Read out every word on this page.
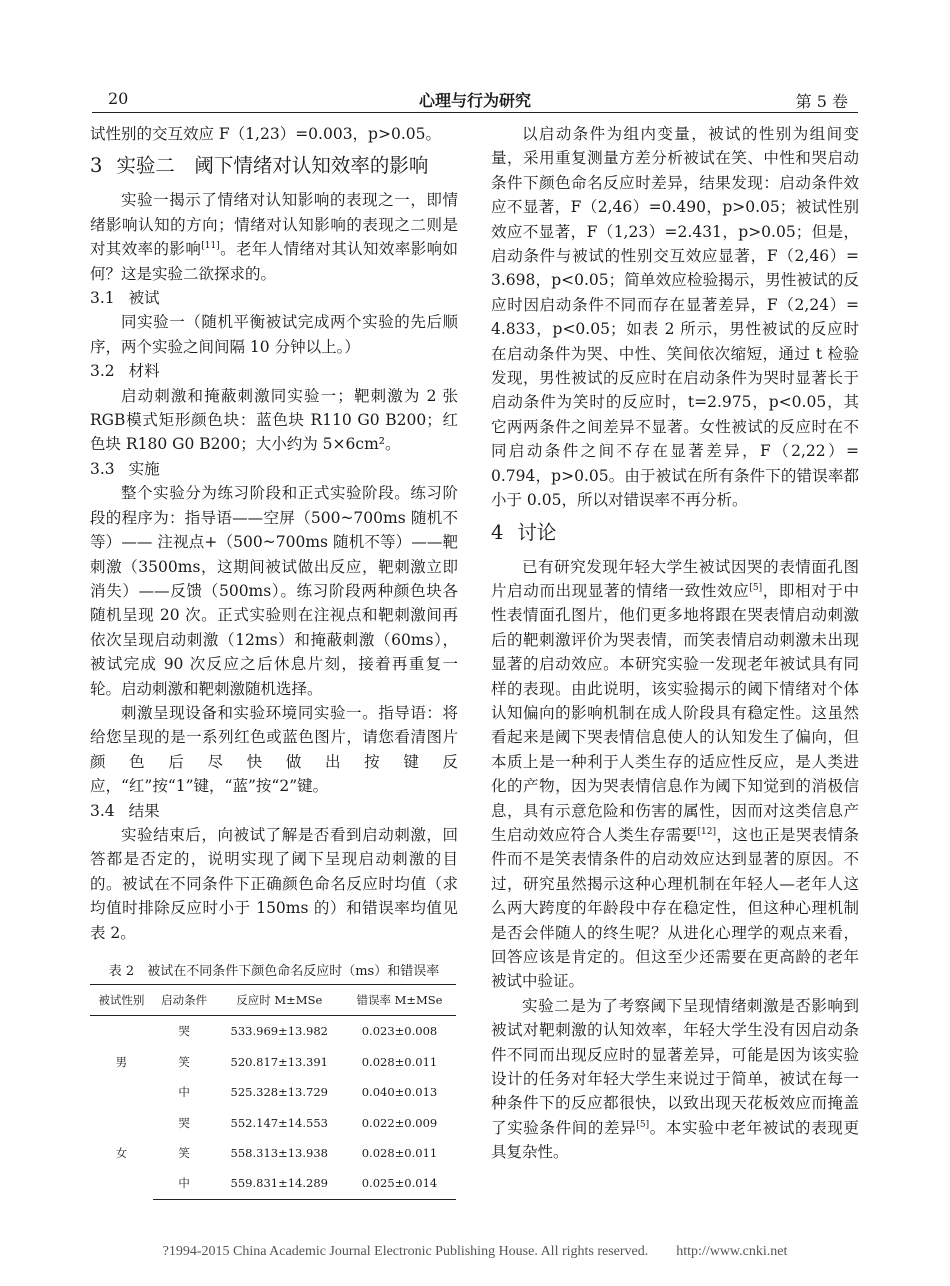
20	心理与行为研究	第 5 卷

试性别的交互效应 F（1,23）=0.003，p>0.05。

3 实验二　阈下情绪对认知效率的影响

实验一揭示了情绪对认知影响的表现之一，即情绪影响认知的方向；情绪对认知影响的表现之二则是对其效率的影响[11]。老年人情绪对其认知效率影响如何？这是实验二欲探求的。

3.1 被试

同实验一（随机平衡被试完成两个实验的先后顺序，两个实验之间间隔 10 分钟以上。）

3.2 材料

启动刺激和掩蔽刺激同实验一；靶刺激为 2 张 RGB模式矩形颜色块：蓝色块 R110 G0 B200；红色块 R180 G0 B200；大小约为 5×6cm²。

3.3 实施

整个实验分为练习阶段和正式实验阶段。练习阶段的程序为：指导语——空屏（500~700ms 随机不等）—— 注视点+（500~700ms 随机不等）——靶刺激（3500ms，这期间被试做出反应，靶刺激立即消失）——反馈（500ms）。练习阶段两种颜色块各随机呈现 20 次。正式实验则在注视点和靶刺激间再依次呈现启动刺激（12ms）和掩蔽刺激（60ms），被试完成 90 次反应之后休息片刻，接着再重复一轮。启动刺激和靶刺激随机选择。

刺激呈现设备和实验环境同实验一。指导语：将给您呈现的是一系列红色或蓝色图片，请您看清图片颜色后尽快做出按键反应，“红”按“1”键，“蓝”按“2”键。

3.4 结果

实验结束后，向被试了解是否看到启动刺激，回答都是否定的，说明实现了阈下呈现启动刺激的目的。被试在不同条件下正确颜色命名反应时均值（求均值时排除反应时小于 150ms 的）和错误率均值见表 2。

表 2　被试在不同条件下颜色命名反应时（ms）和错误率
被试性别	启动条件	反应时 M±MSe	错误率 M±MSe
男	哭	533.969±13.982	0.023±0.008
	笑	520.817±13.391	0.028±0.011
	中	525.328±13.729	0.040±0.013
女	哭	552.147±14.553	0.022±0.009
	笑	558.313±13.938	0.028±0.011
	中	559.831±14.289	0.025±0.014

以启动条件为组内变量，被试的性别为组间变量，采用重复测量方差分析被试在笑、中性和哭启动条件下颜色命名反应时差异，结果发现：启动条件效应不显著，F（2,46）=0.490，p>0.05；被试性别效应不显著，F（1,23）=2.431，p>0.05；但是，启动条件与被试的性别交互效应显著，F（2,46）= 3.698，p<0.05；简单效应检验揭示，男性被试的反应时因启动条件不同而存在显著差异，F（2,24）= 4.833，p<0.05；如表 2 所示，男性被试的反应时在启动条件为哭、中性、笑间依次缩短，通过 t 检验发现，男性被试的反应时在启动条件为哭时显著长于启动条件为笑时的反应时，t=2.975，p<0.05，其它两两条件之间差异不显著。女性被试的反应时在不同启动条件之间不存在显著差异，F（2,22）= 0.794，p>0.05。由于被试在所有条件下的错误率都小于 0.05，所以对错误率不再分析。

4 讨论

已有研究发现年轻大学生被试因哭的表情面孔图片启动而出现显著的情绪一致性效应[5]，即相对于中性表情面孔图片，他们更多地将跟在哭表情启动刺激后的靶刺激评价为哭表情，而笑表情启动刺激未出现显著的启动效应。本研究实验一发现老年被试具有同样的表现。由此说明，该实验揭示的阈下情绪对个体认知偏向的影响机制在成人阶段具有稳定性。这虽然看起来是阈下哭表情信息使人的认知发生了偏向，但本质上是一种利于人类生存的适应性反应，是人类进化的产物，因为哭表情信息作为阈下知觉到的消极信息，具有示意危险和伤害的属性，因而对这类信息产生启动效应符合人类生存需要[12]，这也正是哭表情条件而不是笑表情条件的启动效应达到显著的原因。不过，研究虽然揭示这种心理机制在年轻人—老年人这么两大跨度的年龄段中存在稳定性，但这种心理机制是否会伴随人的终生呢？从进化心理学的观点来看，回答应该是肯定的。但这至少还需要在更高龄的老年被试中验证。

实验二是为了考察阈下呈现情绪刺激是否影响到被试对靶刺激的认知效率，年轻大学生没有因启动条件不同而出现反应时的显著差异，可能是因为该实验设计的任务对年轻大学生来说过于简单，被试在每一种条件下的反应都很快，以致出现天花板效应而掩盖了实验条件间的差异[5]。本实验中老年被试的表现更具复杂性。

?1994-2015 China Academic Journal Electronic Publishing House. All rights reserved.　　http://www.cnki.net
